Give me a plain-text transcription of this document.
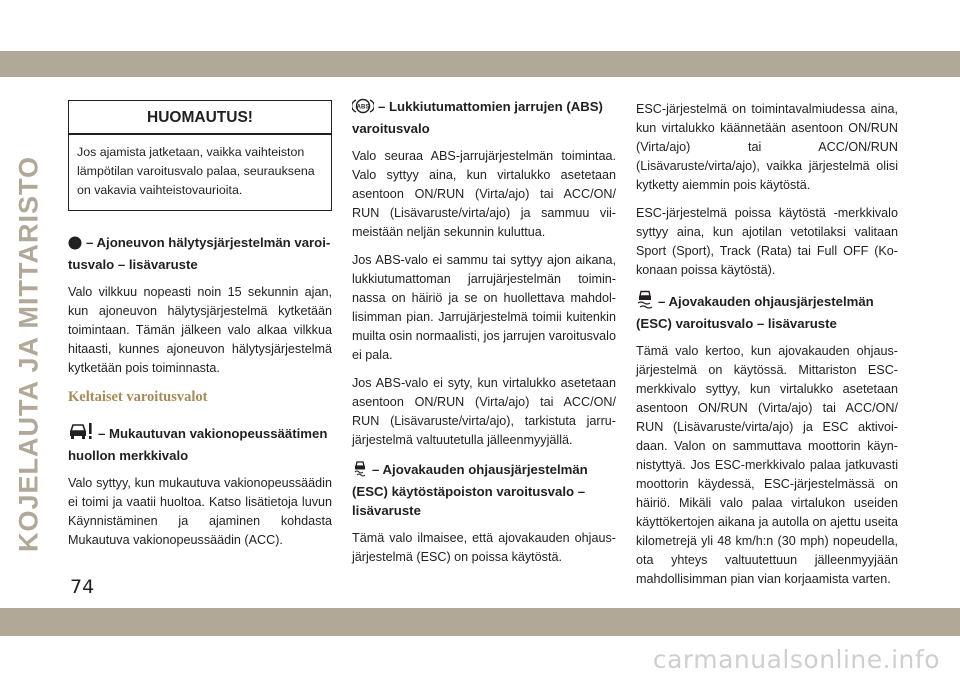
KOJELAUTA JA MITTARISTO
HUOMAUTUS!
Jos ajamista jatketaan, vaikka vaihteiston lämpötilan varoitusvalo palaa, seurauksena on vakavia vaihteistovaurioita.
– Ajoneuvon hälytysjärjestelmän varoitusvalo – lisävaruste

Valo vilkkuu nopeasti noin 15 sekunnin ajan, kun ajoneuvon hälytysjärjestelmä kytketään toimintaan. Tämän jälkeen valo alkaa vilkkua hitaasti, kunnes ajoneuvon hälytysjärjestelmä kytketään pois toiminnasta.

Keltaiset varoitusvalot
– Mukautuvan vakionopeussäätimen huollon merkkivalo

Valo syttyy, kun mukautuva vakionopeussäädin ei toimi ja vaatii huoltoa. Katso lisätietoja luvun Käynnistäminen ja ajaminen kohdasta Mukautuva vakionopeussäädin (ACC).

ABS – Lukkiutumattomien jarrujen (ABS) varoitusvalo

Valo seuraa ABS-jarrujärjestelmän toimintaa. Valo syttyy aina, kun virtalukko asetetaan asentoon ON/RUN (Virta/ajo) tai ACC/ON/ RUN (Lisävaruste/virta/ajo) ja sammuu viimeistään neljän sekunnin kuluttua.

Jos ABS-valo ei sammu tai syttyy ajon aikana, lukkiutumattoman jarrujärjestelmän toiminnassa on häiriö ja se on huollettava mahdollisimman pian. Jarrujärjestelmä toimii kuitenkin muilta osin normaalisti, jos jarrujen varoitusvalo ei pala.

Jos ABS-valo ei syty, kun virtalukko asetetaan asentoon ON/RUN (Virta/ajo) tai ACC/ON/ RUN (Lisävaruste/virta/ajo), tarkistuta jarrujärjestelmä valtuutetulla jälleenmyyjällä.

– Ajovakauden ohjausjärjestelmän (ESC) käytöstäpoiston varoitusvalo – lisävaruste

Tämä valo ilmaisee, että ajovakauden ohjausjärjestelmä (ESC) on poissa käytöstä.

ESC-järjestelmä on toimintavalmiudessa aina, kun virtalukko käännetään asentoon ON/RUN (Virta/ajo) tai ACC/ON/RUN (Lisävaruste/virta/ajo), vaikka järjestelmä olisi kytketty aiemmin pois käytöstä.

ESC-järjestelmä poissa käytöstä -merkkivalo syttyy aina, kun ajotilan vetotilaksi valitaan Sport (Sport), Track (Rata) tai Full OFF (Kokonaan poissa käytöstä).

– Ajovakauden ohjausjärjestelmän (ESC) varoitusvalo – lisävaruste

Tämä valo kertoo, kun ajovakauden ohjausjärjestelmä on käytössä. Mittariston ESC-merkkivalo syttyy, kun virtalukko asetetaan asentoon ON/RUN (Virta/ajo) tai ACC/ON/ RUN (Lisävaruste/virta/ajo) ja ESC aktivoidaan. Valon on sammuttava moottorin käynnistyttyä. Jos ESC-merkkivalo palaa jatkuvasti moottorin käydessä, ESC-järjestelmässä on häiriö. Mikäli valo palaa virtalukon useiden käyttökertojen aikana ja autolla on ajettu useita kilometrejä yli 48 km/h:n (30 mph) nopeudella, ota yhteys valtuutettuun jälleenmyyjään mahdollisimman pian vian korjaamista varten.

74
carmanualsonline.info
